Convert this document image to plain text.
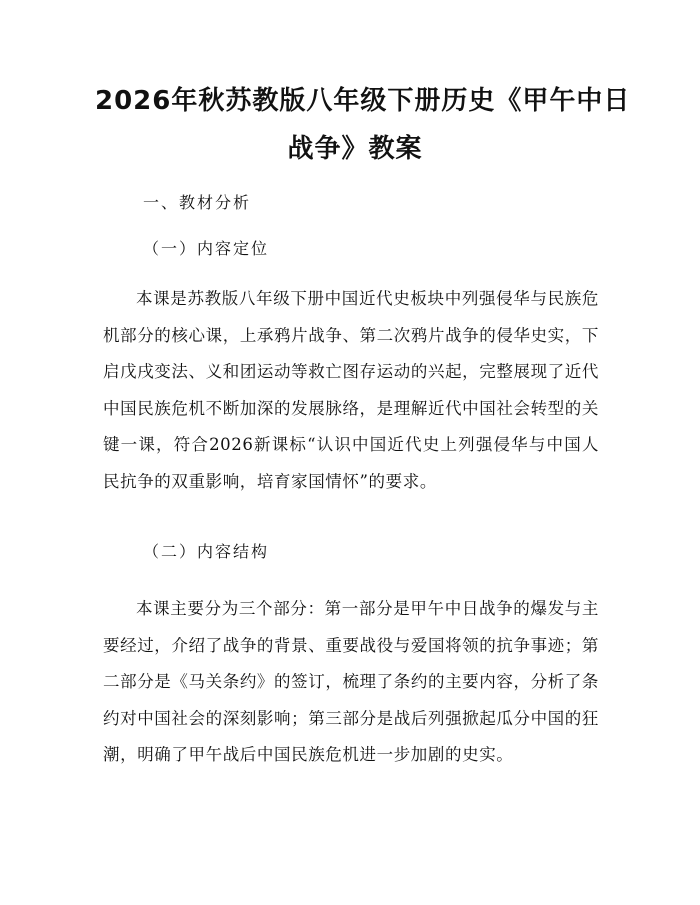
2026年秋苏教版八年级下册历史《甲午中日
战争》教案
一、教材分析
（一）内容定位

本课是苏教版八年级下册中国近代史板块中列强侵华与民族危机部分的核心课，上承鸦片战争、第二次鸦片战争的侵华史实，下启戊戌变法、义和团运动等救亡图存运动的兴起，完整展现了近代中国民族危机不断加深的发展脉络，是理解近代中国社会转型的关键一课，符合2026新课标“认识中国近代史上列强侵华与中国人民抗争的双重影响，培育家国情怀”的要求。

（二）内容结构

本课主要分为三个部分：第一部分是甲午中日战争的爆发与主要经过，介绍了战争的背景、重要战役与爱国将领的抗争事迹；第二部分是《马关条约》的签订，梳理了条约的主要内容，分析了条约对中国社会的深刻影响；第三部分是战后列强掀起瓜分中国的狂潮，明确了甲午战后中国民族危机进一步加剧的史实。
